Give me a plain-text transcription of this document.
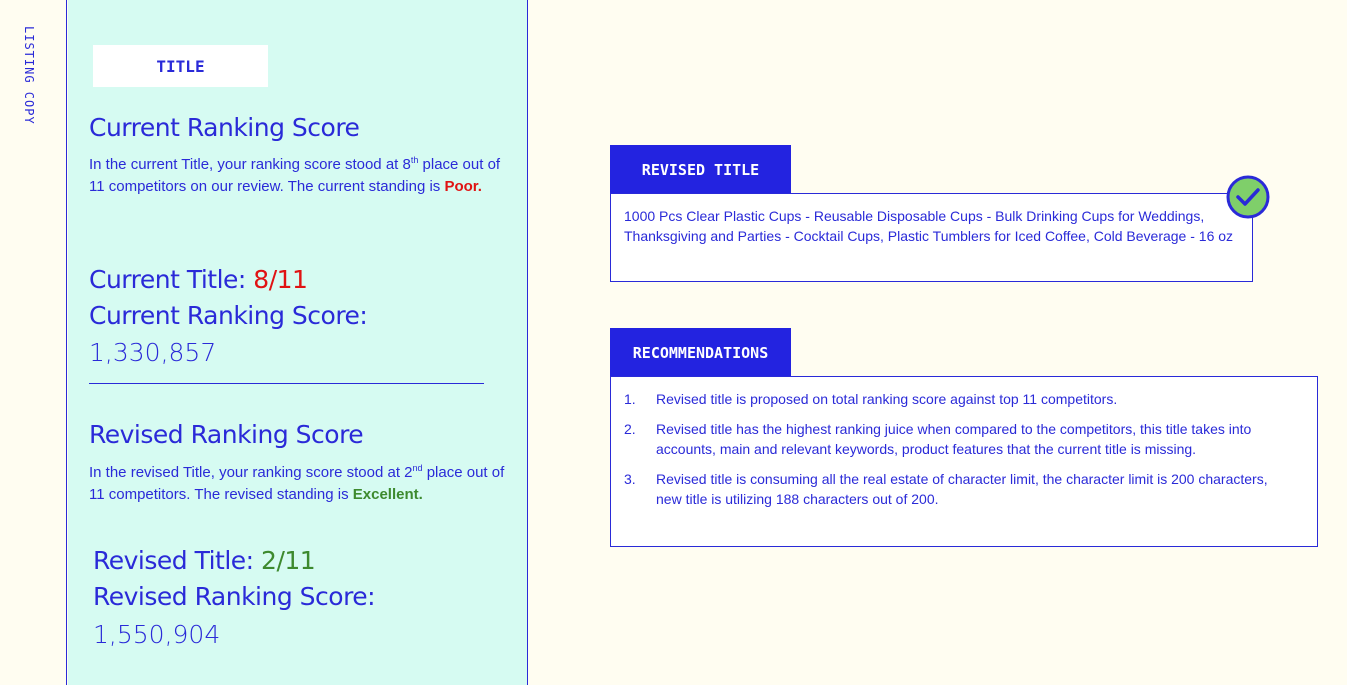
LISTING COPY	TITLE
Current Ranking Score
In the current Title, your ranking score stood at 8th place out of 11 competitors on our review. The current standing is Poor.
Current Title: 8/11
Current Ranking Score:
1,330,857
Revised Ranking Score
In the revised Title, your ranking score stood at 2nd place out of 11 competitors. The revised standing is Excellent.
Revised Title: 2/11
Revised Ranking Score:
1,550,904
REVISED TITLE
1000 Pcs Clear Plastic Cups - Reusable Disposable Cups - Bulk Drinking Cups for Weddings, Thanksgiving and Parties - Cocktail Cups, Plastic Tumblers for Iced Coffee, Cold Beverage - 16 oz
RECOMMENDATIONS
1.	Revised title is proposed on total ranking score against top 11 competitors.
2.	Revised title has the highest ranking juice when compared to the competitors, this title takes into accounts, main and relevant keywords, product features that the current title is missing.
3.	Revised title is consuming all the real estate of character limit, the character limit is 200 characters, new title is utilizing 188 characters out of 200.
